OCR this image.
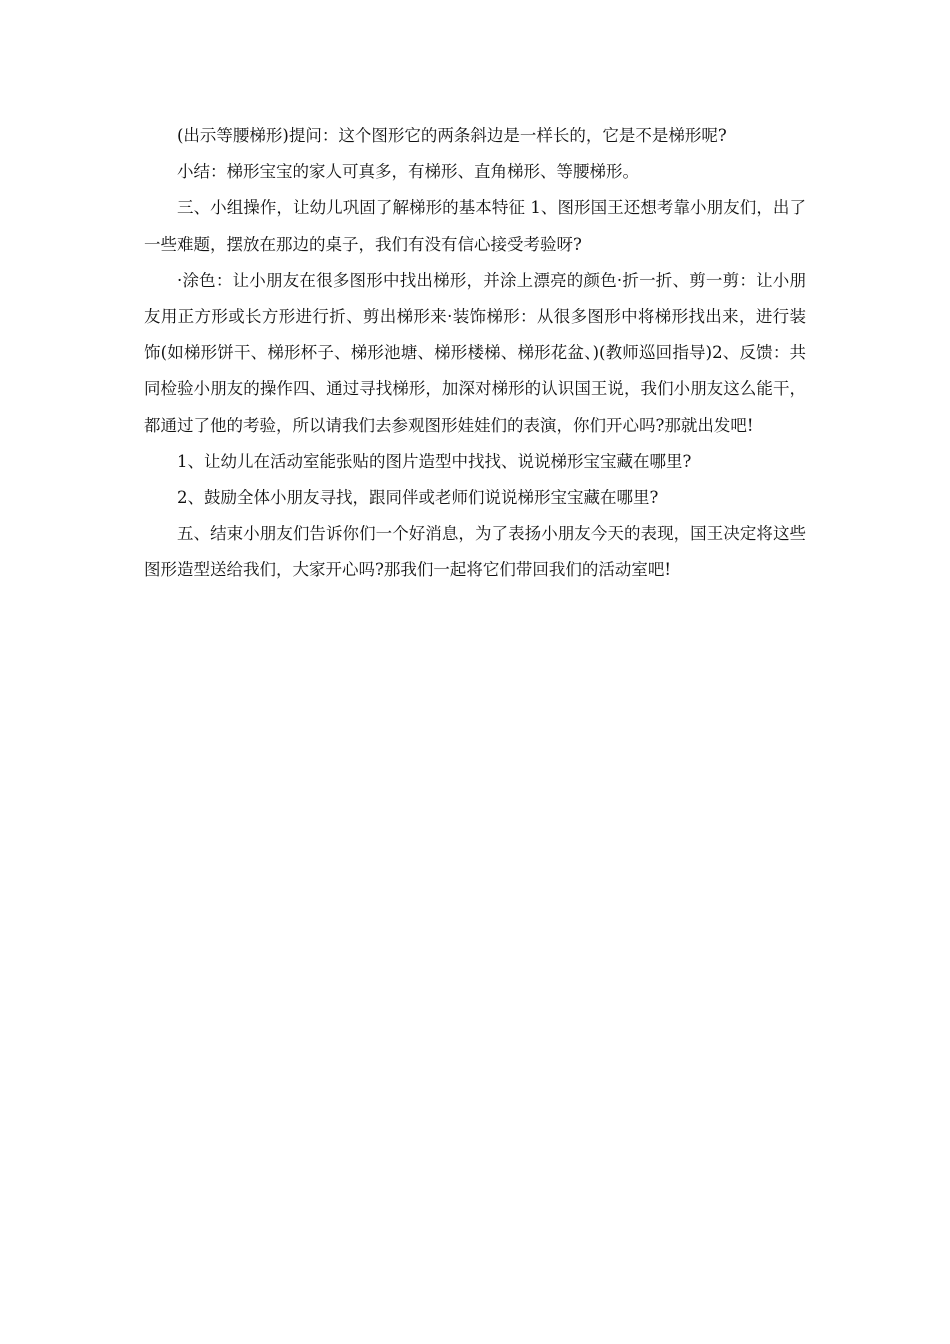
(出示等腰梯形)提问：这个图形它的两条斜边是一样长的，它是不是梯形呢?

小结：梯形宝宝的家人可真多，有梯形、直角梯形、等腰梯形。

三、小组操作，让幼儿巩固了解梯形的基本特征 1、图形国王还想考靠小朋友们，出了一些难题，摆放在那边的桌子，我们有没有信心接受考验呀?

·涂色：让小朋友在很多图形中找出梯形，并涂上漂亮的颜色·折一折、剪一剪：让小朋友用正方形或长方形进行折、剪出梯形来·装饰梯形：从很多图形中将梯形找出来，进行装饰(如梯形饼干、梯形杯子、梯形池塘、梯形楼梯、梯形花盆、)(教师巡回指导)2、反馈：共同检验小朋友的操作四、通过寻找梯形，加深对梯形的认识国王说，我们小朋友这么能干，都通过了他的考验，所以请我们去参观图形娃娃们的表演，你们开心吗?那就出发吧!

1、让幼儿在活动室能张贴的图片造型中找找、说说梯形宝宝藏在哪里?

2、鼓励全体小朋友寻找，跟同伴或老师们说说梯形宝宝藏在哪里?

五、结束小朋友们告诉你们一个好消息，为了表扬小朋友今天的表现，国王决定将这些图形造型送给我们，大家开心吗?那我们一起将它们带回我们的活动室吧!
